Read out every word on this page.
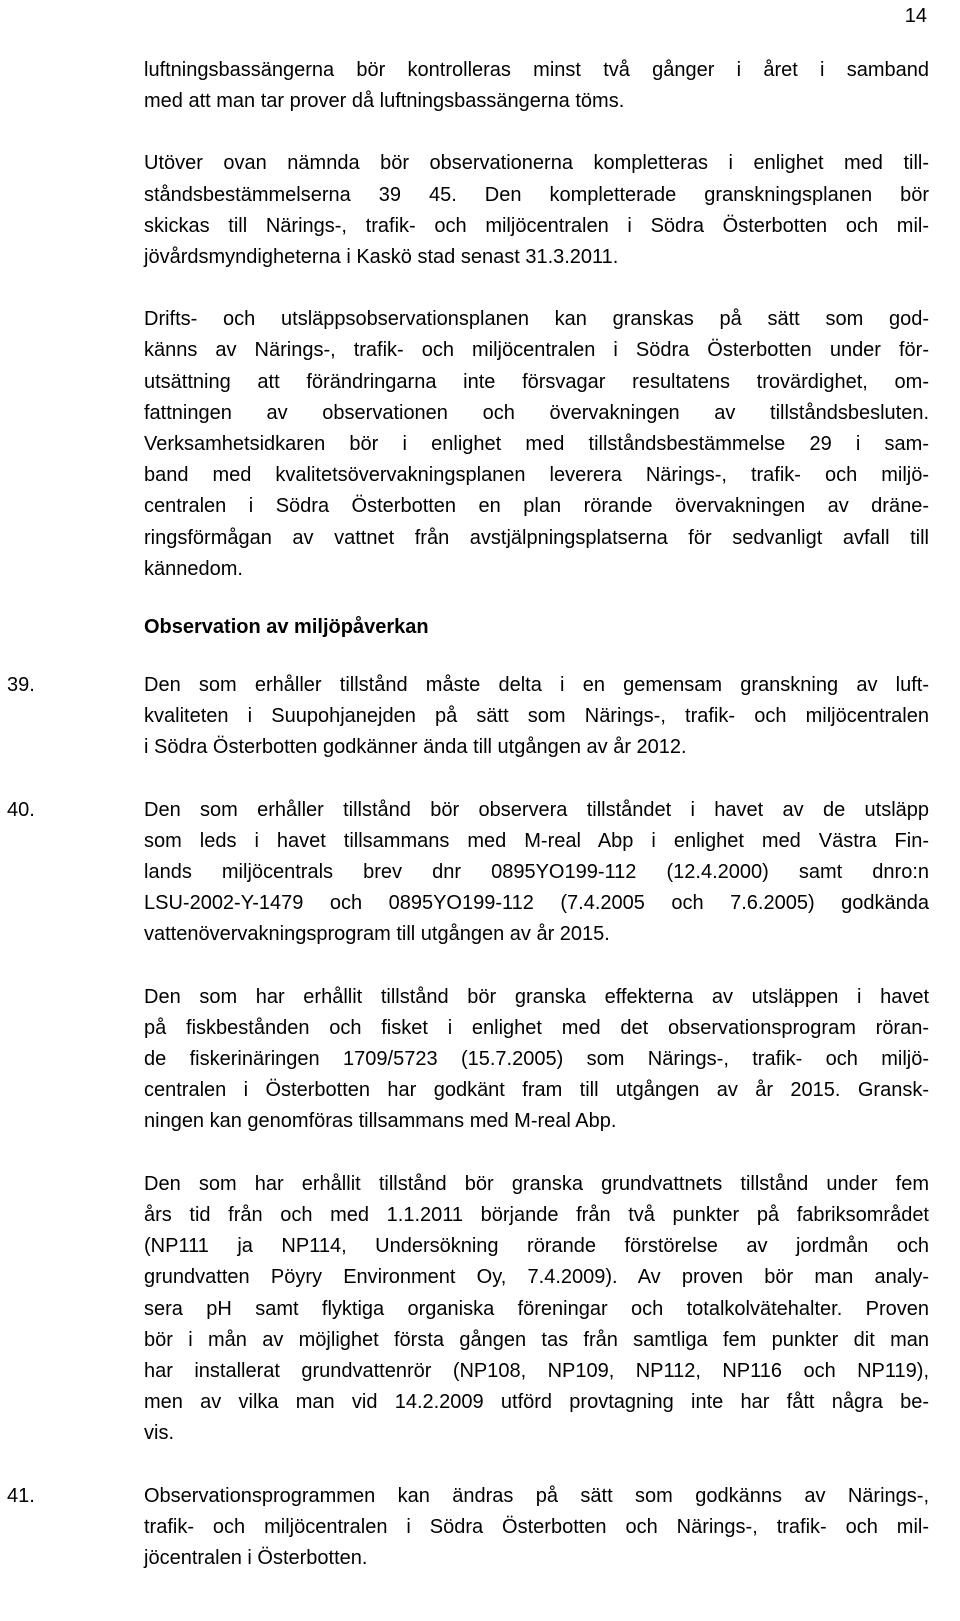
14
luftningsbassängerna bör kontrolleras minst två gånger i året i samband
med att man tar prover då luftningsbassängerna töms.
Utöver ovan nämnda bör observationerna kompletteras i enlighet med till-
ståndsbestämmelserna 39 45. Den kompletterade granskningsplanen bör
skickas till Närings-, trafik- och miljöcentralen i Södra Österbotten och mil-
jövårdsmyndigheterna i Kaskö stad senast 31.3.2011.
Drifts- och utsläppsobservationsplanen kan granskas på sätt som god-
känns av Närings-, trafik- och miljöcentralen i Södra Österbotten under för-
utsättning att förändringarna inte försvagar resultatens trovärdighet, om-
fattningen av observationen och övervakningen av tillståndsbesluten.
Verksamhetsidkaren bör i enlighet med tillståndsbestämmelse 29 i sam-
band med kvalitetsövervakningsplanen leverera Närings-, trafik- och miljö-
centralen i Södra Österbotten en plan rörande övervakningen av dräne-
ringsförmågan av vattnet från avstjälpningsplatserna för sedvanligt avfall till
kännedom.
Observation av miljöpåverkan
39.	Den som erhåller tillstånd måste delta i en gemensam granskning av luft-
kvaliteten i Suupohjanejden på sätt som Närings-, trafik- och miljöcentralen
i Södra Österbotten godkänner ända till utgången av år 2012.
40.	Den som erhåller tillstånd bör observera tillståndet i havet av de utsläpp
som leds i havet tillsammans med M-real Abp i enlighet med Västra Fin-
lands miljöcentrals brev dnr 0895YO199-112 (12.4.2000) samt dnro:n
LSU-2002-Y-1479 och 0895YO199-112 (7.4.2005 och 7.6.2005) godkända
vattenövervakningsprogram till utgången av år 2015.
Den som har erhållit tillstånd bör granska effekterna av utsläppen i havet
på fiskbestånden och fisket i enlighet med det observationsprogram röran-
de fiskerinäringen 1709/5723 (15.7.2005) som Närings-, trafik- och miljö-
centralen i Österbotten har godkänt fram till utgången av år 2015. Gransk-
ningen kan genomföras tillsammans med M-real Abp.
Den som har erhållit tillstånd bör granska grundvattnets tillstånd under fem
års tid från och med 1.1.2011 börjande från två punkter på fabriksområdet
(NP111 ja NP114, Undersökning rörande förstörelse av jordmån och
grundvatten Pöyry Environment Oy, 7.4.2009). Av proven bör man analy-
sera pH samt flyktiga organiska föreningar och totalkolvätehalter. Proven
bör i mån av möjlighet första gången tas från samtliga fem punkter dit man
har installerat grundvattenrör (NP108, NP109, NP112, NP116 och NP119),
men av vilka man vid 14.2.2009 utförd provtagning inte har fått några be-
vis.
41.	Observationsprogrammen kan ändras på sätt som godkänns av Närings-,
trafik- och miljöcentralen i Södra Österbotten och Närings-, trafik- och mil-
jöcentralen i Österbotten.
